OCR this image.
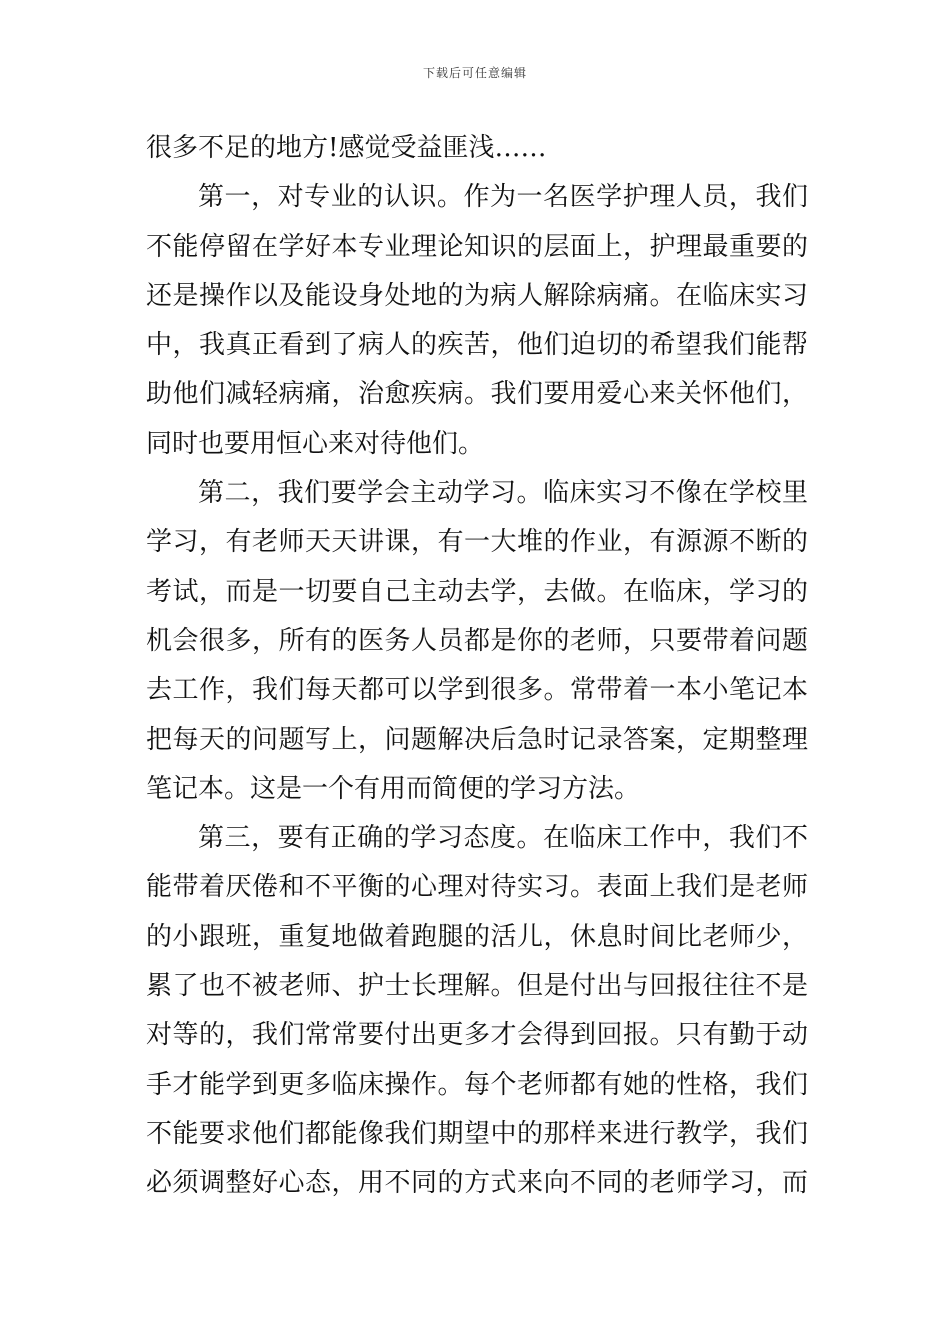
下载后可任意编辑
很多不足的地方!感觉受益匪浅……
第一，对专业的认识。作为一名医学护理人员，我们
不能停留在学好本专业理论知识的层面上，护理最重要的
还是操作以及能设身处地的为病人解除病痛。在临床实习
中，我真正看到了病人的疾苦，他们迫切的希望我们能帮
助他们减轻病痛，治愈疾病。我们要用爱心来关怀他们，
同时也要用恒心来对待他们。
第二，我们要学会主动学习。临床实习不像在学校里
学习，有老师天天讲课，有一大堆的作业，有源源不断的
考试，而是一切要自己主动去学，去做。在临床，学习的
机会很多，所有的医务人员都是你的老师，只要带着问题
去工作，我们每天都可以学到很多。常带着一本小笔记本
把每天的问题写上，问题解决后急时记录答案，定期整理
笔记本。这是一个有用而简便的学习方法。
第三，要有正确的学习态度。在临床工作中，我们不
能带着厌倦和不平衡的心理对待实习。表面上我们是老师
的小跟班，重复地做着跑腿的活儿，休息时间比老师少，
累了也不被老师、护士长理解。但是付出与回报往往不是
对等的，我们常常要付出更多才会得到回报。只有勤于动
手才能学到更多临床操作。每个老师都有她的性格，我们
不能要求他们都能像我们期望中的那样来进行教学，我们
必须调整好心态，用不同的方式来向不同的老师学习，而
